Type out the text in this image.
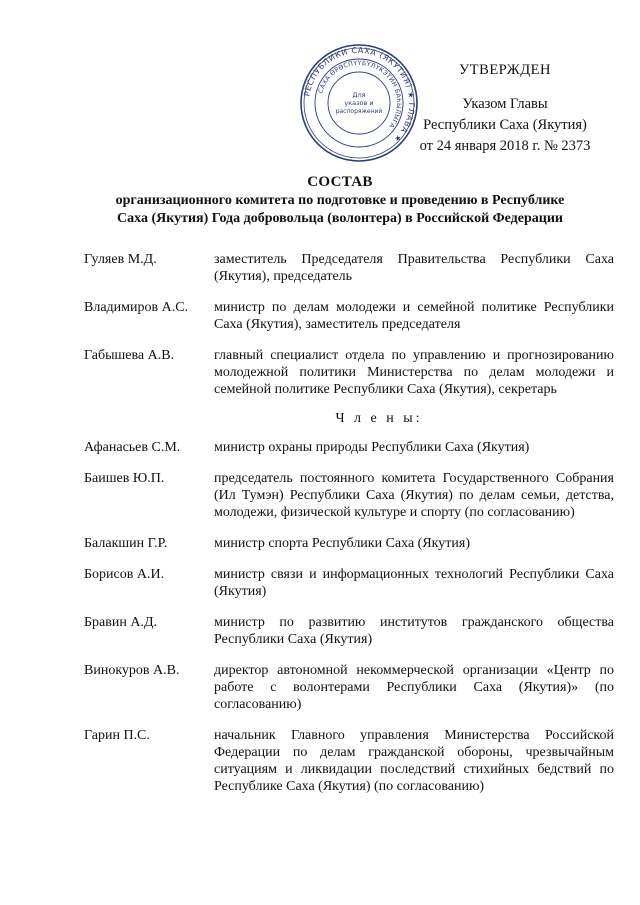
РЕСПУБЛИКИ САХА (ЯКУТИЯ) ★ ГЛАВА ★
САХА ӨРӨСПҮҮБҮЛҮКЭТИН БАҺЫЛЫГА
Для
указов и
распоряжений
УТВЕРЖДЕН
Указом Главы
Республики Саха (Якутия)
от 24 января 2018 г. № 2373
СОСТАВ
организационного комитета по подготовке и проведению в Республике
Саха (Якутия) Года добровольца (волонтера) в Российской Федерации
Гуляев М.Д.	заместитель Председателя Правительства Республики Саха (Якутия), председатель
Владимиров А.С.	министр по делам молодежи и семейной политике Республики Саха (Якутия), заместитель председателя
Габышева А.В.	главный специалист отдела по управлению и прогнозированию молодежной политики Министерства по делам молодежи и семейной политике Республики Саха (Якутия), секретарь
Ч л е н ы:
Афанасьев С.М.	министр охраны природы Республики Саха (Якутия)
Баишев Ю.П.	председатель постоянного комитета Государственного Собрания (Ил Тумэн) Республики Саха (Якутия) по делам семьи, детства, молодежи, физической культуре и спорту (по согласованию)
Балакшин Г.Р.	министр спорта Республики Саха (Якутия)
Борисов А.И.	министр связи и информационных технологий Республики Саха (Якутия)
Бравин А.Д.	министр по развитию институтов гражданского общества Республики Саха (Якутия)
Винокуров А.В.	директор автономной некоммерческой организации «Центр по работе с волонтерами Республики Саха (Якутия)» (по согласованию)
Гарин П.С.	начальник Главного управления Министерства Российской Федерации по делам гражданской обороны, чрезвычайным ситуациям и ликвидации последствий стихийных бедствий по Республике Саха (Якутия) (по согласованию)
